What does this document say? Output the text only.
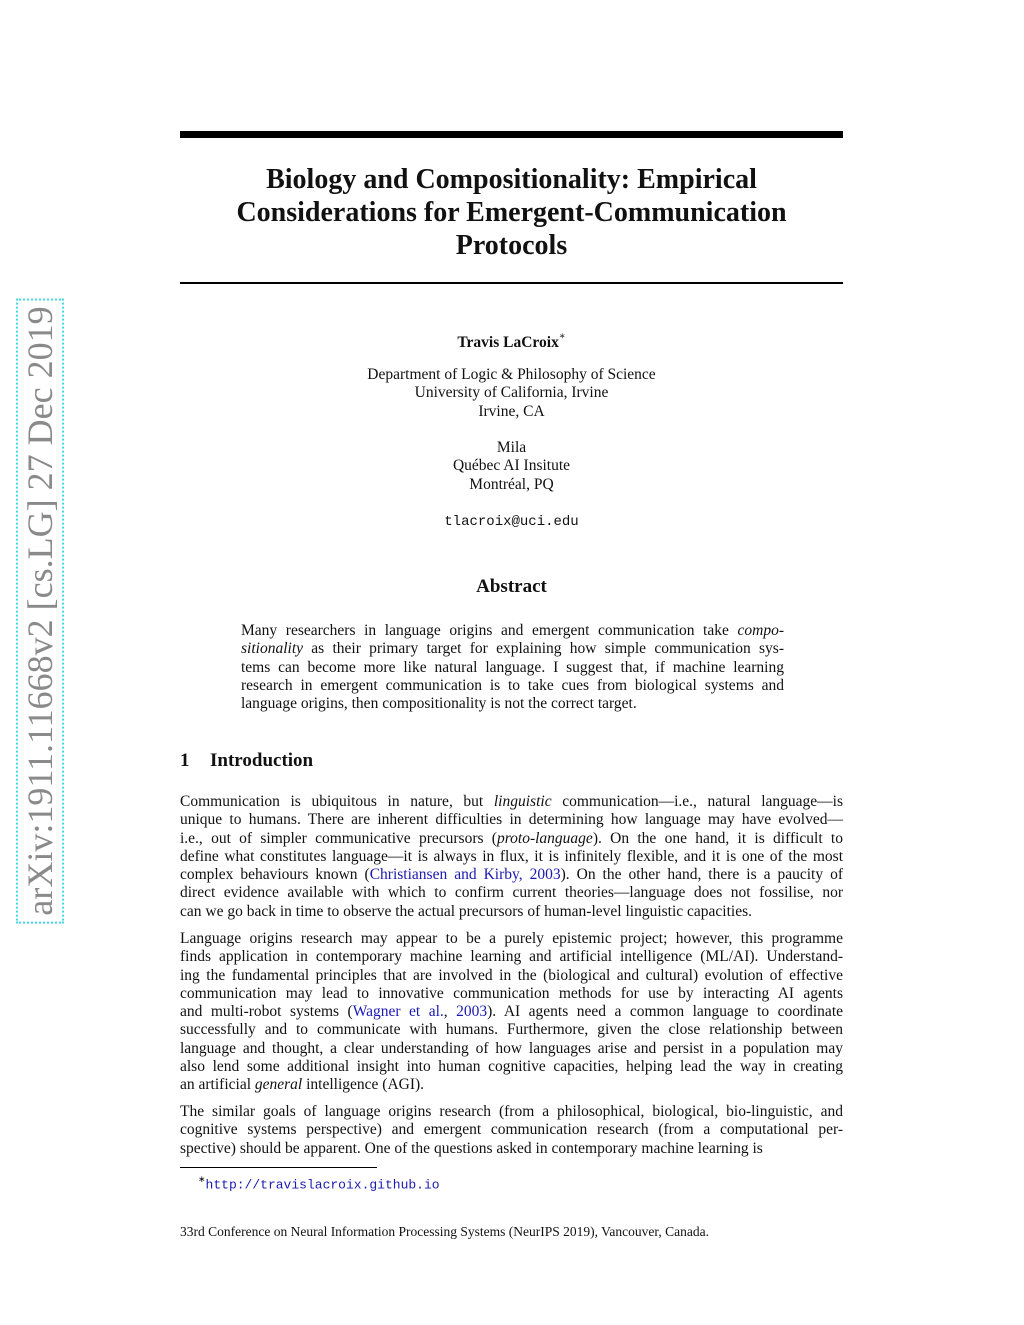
arXiv:1911.11668v2 [cs.LG] 27 Dec 2019
Biology and Compositionality: Empirical
Considerations for Emergent-Communication
Protocols
Travis LaCroix∗
Department of Logic & Philosophy of Science
University of California, Irvine
Irvine, CA
Mila
Québec AI Insitute
Montréal, PQ
tlacroix@uci.edu
Abstract
Many researchers in language origins and emergent communication take compo-
sitionality as their primary target for explaining how simple communication sys-
tems can become more like natural language. I suggest that, if machine learning
research in emergent communication is to take cues from biological systems and
language origins, then compositionality is not the correct target.
1 Introduction
Communication is ubiquitous in nature, but linguistic communication—i.e., natural language—is
unique to humans. There are inherent difficulties in determining how language may have evolved—
i.e., out of simpler communicative precursors (proto-language). On the one hand, it is difficult to
define what constitutes language—it is always in flux, it is infinitely flexible, and it is one of the most
complex behaviours known (Christiansen and Kirby, 2003). On the other hand, there is a paucity of
direct evidence available with which to confirm current theories—language does not fossilise, nor
can we go back in time to observe the actual precursors of human-level linguistic capacities.
Language origins research may appear to be a purely epistemic project; however, this programme
finds application in contemporary machine learning and artificial intelligence (ML/AI). Understand-
ing the fundamental principles that are involved in the (biological and cultural) evolution of effective
communication may lead to innovative communication methods for use by interacting AI agents
and multi-robot systems (Wagner et al., 2003). AI agents need a common language to coordinate
successfully and to communicate with humans. Furthermore, given the close relationship between
language and thought, a clear understanding of how languages arise and persist in a population may
also lend some additional insight into human cognitive capacities, helping lead the way in creating
an artificial general intelligence (AGI).
The similar goals of language origins research (from a philosophical, biological, bio-linguistic, and
cognitive systems perspective) and emergent communication research (from a computational per-
spective) should be apparent. One of the questions asked in contemporary machine learning is
∗http://travislacroix.github.io
33rd Conference on Neural Information Processing Systems (NeurIPS 2019), Vancouver, Canada.
